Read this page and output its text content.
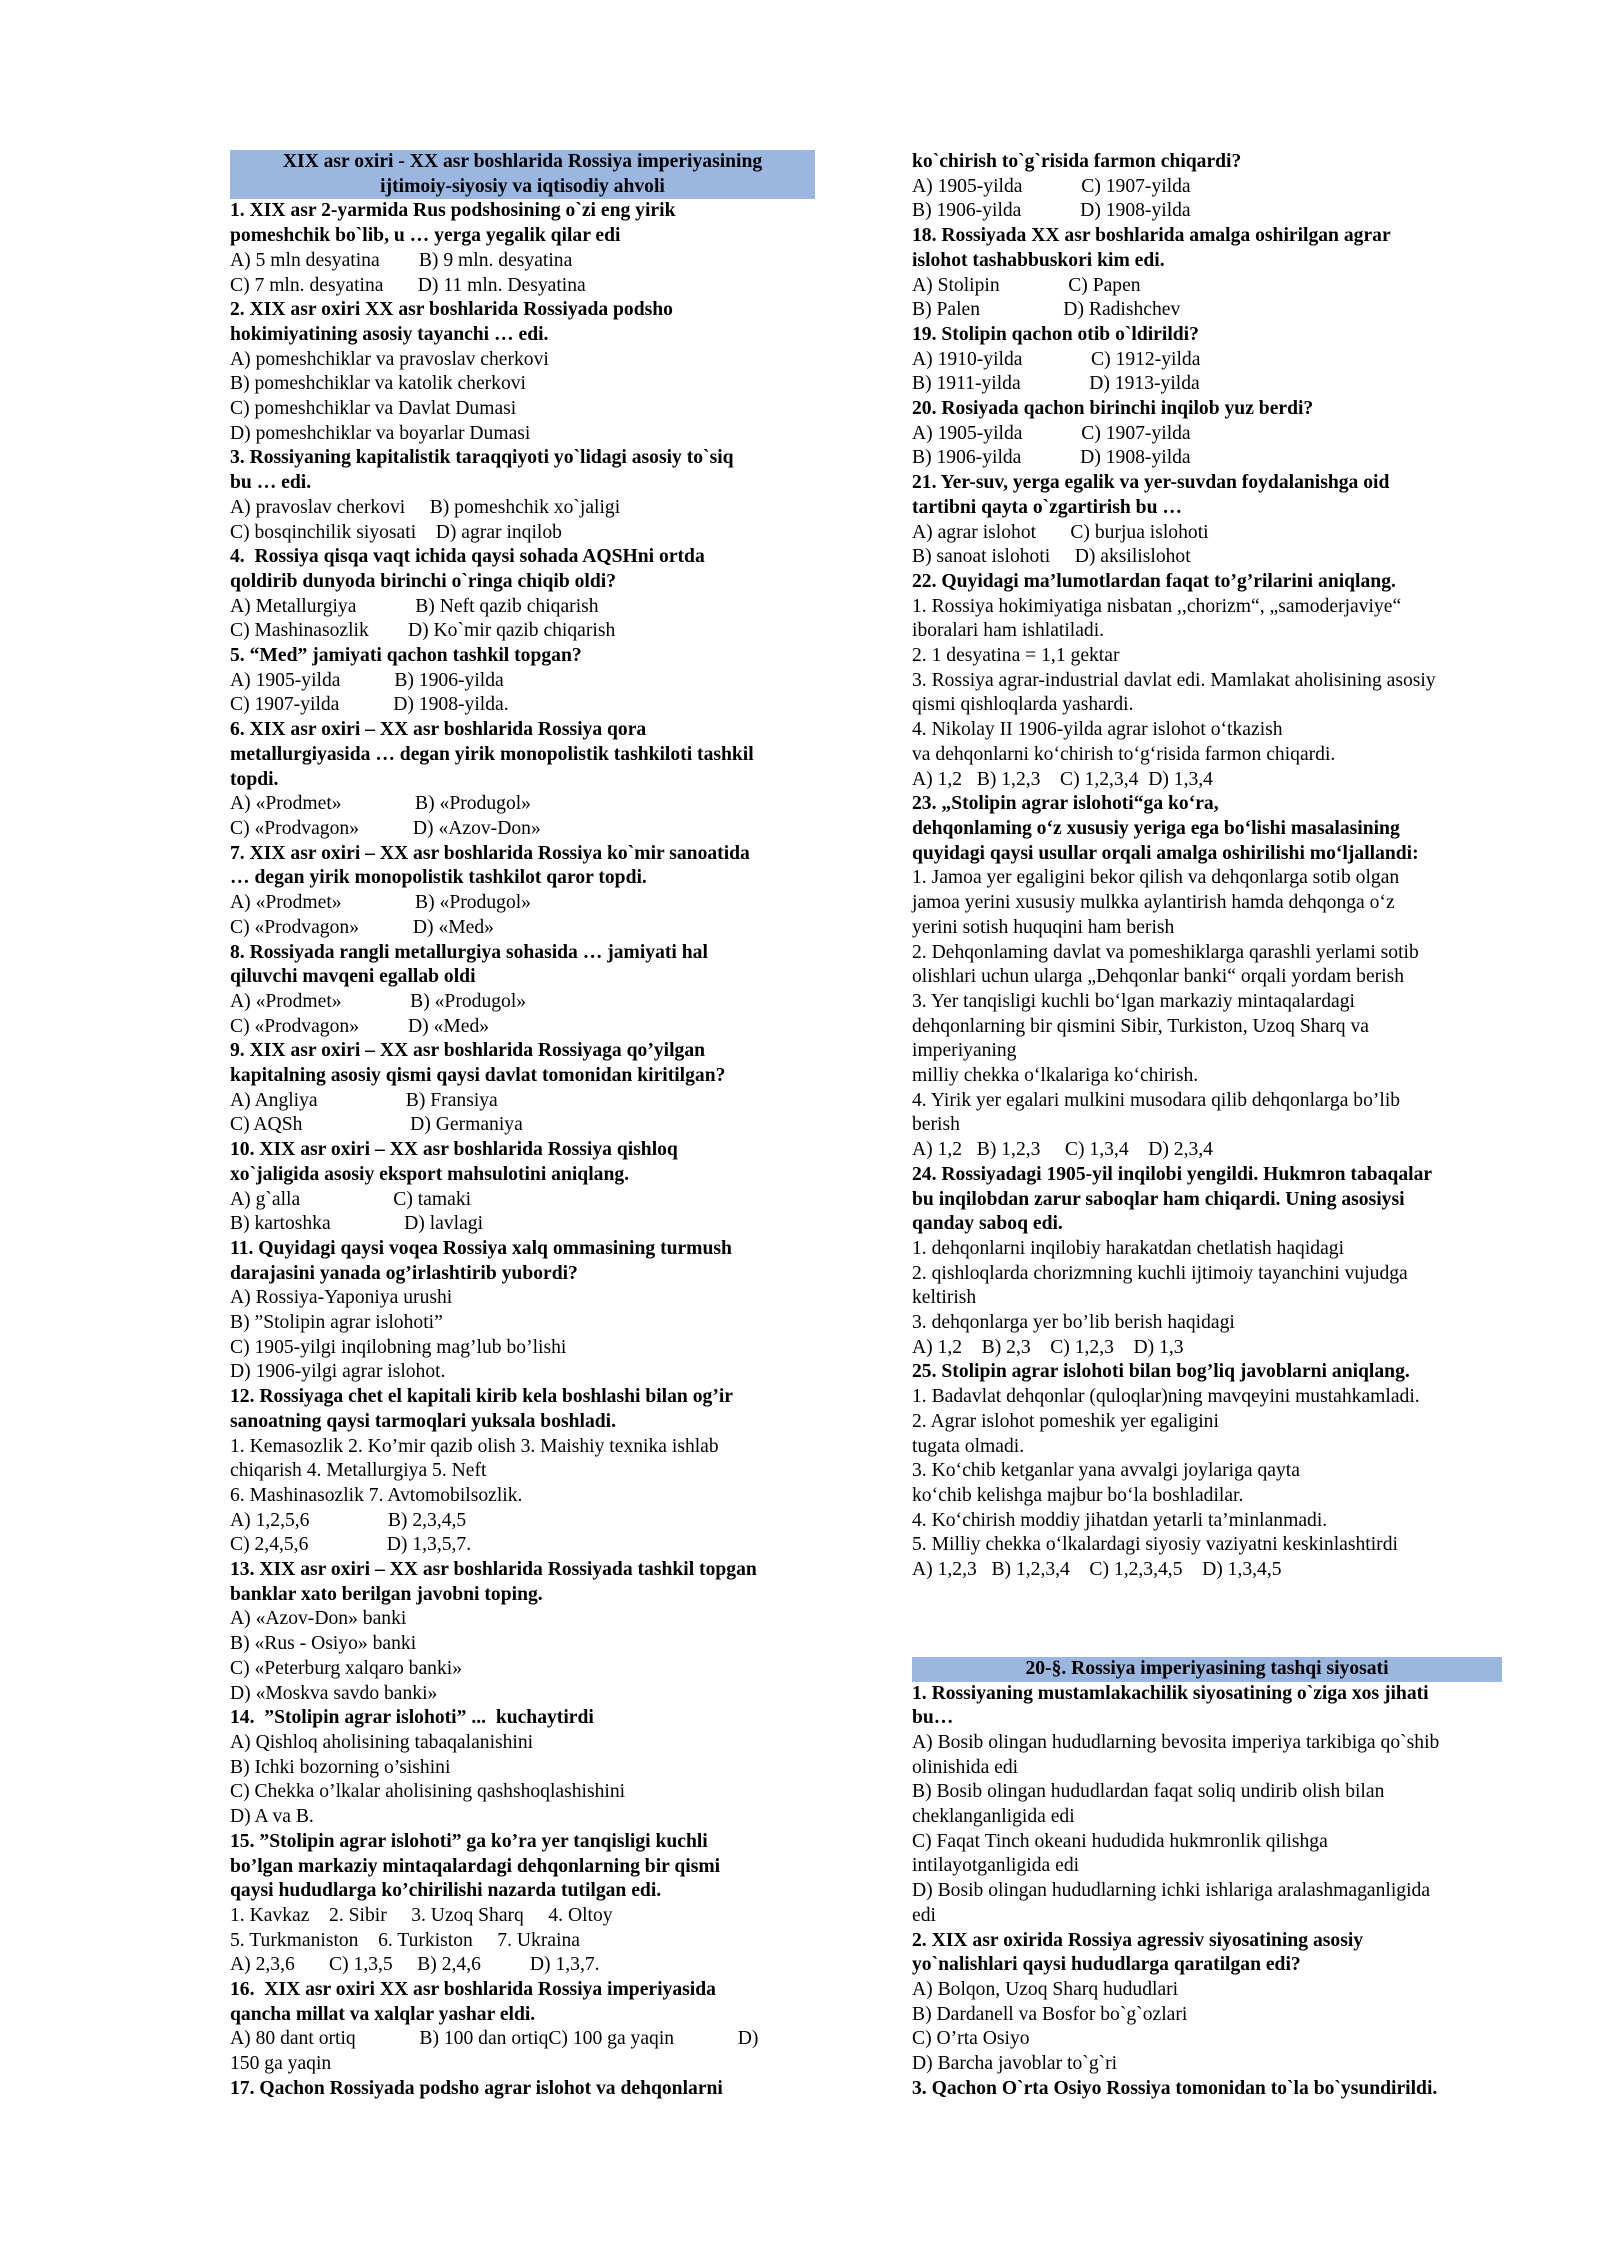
XIX asr oxiri - XX asr boshlarida Rossiya imperiyasining
ijtimoiy-siyosiy va iqtisodiy ahvoli
1. XIX asr 2-yarmida Rus podshosining o`zi eng yirik
pomeshchik bo`lib, u … yerga yegalik qilar edi
A) 5 mln desyatina        B) 9 mln. desyatina
C) 7 mln. desyatina       D) 11 mln. Desyatina
2. XIX asr oxiri XX asr boshlarida Rossiyada podsho
hokimiyatining asosiy tayanchi … edi.
A) pomeshchiklar va pravoslav cherkovi
B) pomeshchiklar va katolik cherkovi
C) pomeshchiklar va Davlat Dumasi
D) pomeshchiklar va boyarlar Dumasi
3. Rossiyaning kapitalistik taraqqiyoti yo`lidagi asosiy to`siq
bu … edi.
A) pravoslav cherkovi     B) pomeshchik xo`jaligi
C) bosqinchilik siyosati    D) agrar inqilob
4.  Rossiya qisqa vaqt ichida qaysi sohada AQSHni ortda
qoldirib dunyoda birinchi o`ringa chiqib oldi?
A) Metallurgiya            B) Neft qazib chiqarish
C) Mashinasozlik        D) Ko`mir qazib chiqarish
5. “Med” jamiyati qachon tashkil topgan?
A) 1905-yilda           B) 1906-yilda
C) 1907-yilda           D) 1908-yilda.
6. XIX asr oxiri – XX asr boshlarida Rossiya qora
metallurgiyasida … degan yirik monopolistik tashkiloti tashkil
topdi.
A) «Prodmet»               B) «Produgol»
C) «Prodvagon»           D) «Azov-Don»
7. XIX asr oxiri – XX asr boshlarida Rossiya ko`mir sanoatida
… degan yirik monopolistik tashkilot qaror topdi.
A) «Prodmet»               B) «Produgol»
C) «Prodvagon»           D) «Med»
8. Rossiyada rangli metallurgiya sohasida … jamiyati hal
qiluvchi mavqeni egallab oldi
A) «Prodmet»              B) «Produgol»
C) «Prodvagon»          D) «Med»
9. XIX asr oxiri – XX asr boshlarida Rossiyaga qo’yilgan
kapitalning asosiy qismi qaysi davlat tomonidan kiritilgan?
A) Angliya                  B) Fransiya
C) AQSh                      D) Germaniya
10. XIX asr oxiri – XX asr boshlarida Rossiya qishloq
xo`jaligida asosiy eksport mahsulotini aniqlang.
A) g`alla                   C) tamaki
B) kartoshka               D) lavlagi
11. Quyidagi qaysi voqea Rossiya xalq ommasining turmush
darajasini yanada og’irlashtirib yubordi?
A) Rossiya-Yaponiya urushi
B) ”Stolipin agrar islohoti”
C) 1905-yilgi inqilobning mag’lub bo’lishi
D) 1906-yilgi agrar islohot.
12. Rossiyaga chet el kapitali kirib kela boshlashi bilan og’ir
sanoatning qaysi tarmoqlari yuksala boshladi.
1. Kemasozlik 2. Ko’mir qazib olish 3. Maishiy texnika ishlab
chiqarish 4. Metallurgiya 5. Neft
6. Mashinasozlik 7. Avtomobilsozlik.
A) 1,2,5,6                B) 2,3,4,5
C) 2,4,5,6                D) 1,3,5,7.
13. XIX asr oxiri – XX asr boshlarida Rossiyada tashkil topgan
banklar xato berilgan javobni toping.
A) «Azov-Don» banki
B) «Rus - Osiyo» banki
C) «Peterburg xalqaro banki»
D) «Moskva savdo banki»
14.  ”Stolipin agrar islohoti” ...  kuchaytirdi
A) Qishloq aholisining tabaqalanishini
B) Ichki bozorning o’sishini
C) Chekka o’lkalar aholisining qashshoqlashishini
D) A va B.
15. ”Stolipin agrar islohoti” ga ko’ra yer tanqisligi kuchli
bo’lgan markaziy mintaqalardagi dehqonlarning bir qismi
qaysi hududlarga ko’chirilishi nazarda tutilgan edi.
1. Kavkaz    2. Sibir     3. Uzoq Sharq     4. Oltoy
5. Turkmaniston    6. Turkiston     7. Ukraina
A) 2,3,6       C) 1,3,5     B) 2,4,6          D) 1,3,7.
16.  XIX asr oxiri XX asr boshlarida Rossiya imperiyasida
qancha millat va xalqlar yashar eldi.
A) 80 dant ortiq             B) 100 dan ortiqC) 100 ga yaqin             D)
150 ga yaqin
17. Qachon Rossiyada podsho agrar islohot va dehqonlarni
ko`chirish to`g`risida farmon chiqardi?
A) 1905-yilda            C) 1907-yilda
B) 1906-yilda            D) 1908-yilda
18. Rossiyada XX asr boshlarida amalga oshirilgan agrar
islohot tashabbuskori kim edi.
A) Stolipin              C) Papen
B) Palen                 D) Radishchev
19. Stolipin qachon otib o`ldirildi?
A) 1910-yilda              C) 1912-yilda
B) 1911-yilda              D) 1913-yilda
20. Rosiyada qachon birinchi inqilob yuz berdi?
A) 1905-yilda            C) 1907-yilda
B) 1906-yilda            D) 1908-yilda
21. Yer-suv, yerga egalik va yer-suvdan foydalanishga oid
tartibni qayta o`zgartirish bu …
A) agrar islohot       C) burjua islohoti
B) sanoat islohoti     D) aksilislohot
22. Quyidagi ma’lumotlardan faqat to’g’rilarini aniqlang.
1. Rossiya hokimiyatiga nisbatan ,,chorizm“, „samoderjaviye“
iboralari ham ishlatiladi.
2. 1 desyatina = 1,1 gektar
3. Rossiya agrar-industrial davlat edi. Mamlakat aholisining asosiy
qismi qishloqlarda yashardi.
4. Nikolay II 1906-yilda agrar islohot oʻtkazish
va dehqonlarni koʻchirish toʻgʻrisida farmon chiqardi.
A) 1,2   B) 1,2,3    C) 1,2,3,4  D) 1,3,4
23. „Stolipin agrar islohoti“ga koʻra,
dehqonlaming oʻz xususiy yeriga ega boʻlishi masalasining
quyidagi qaysi usullar orqali amalga oshirilishi moʻljallandi:
1. Jamoa yer egaligini bekor qilish va dehqonlarga sotib olgan
jamoa yerini xususiy mulkka aylantirish hamda dehqonga oʻz
yerini sotish huquqini ham berish
2. Dehqonlaming davlat va pomeshiklarga qarashli yerlami sotib
olishlari uchun ularga „Dehqonlar banki“ orqali yordam berish
3. Yer tanqisligi kuchli boʻlgan markaziy mintaqalardagi
dehqonlarning bir qismini Sibir, Turkiston, Uzoq Sharq va
imperiyaning
milliy chekka oʻlkalariga koʻchirish.
4. Yirik yer egalari mulkini musodara qilib dehqonlarga bo’lib
berish
A) 1,2   B) 1,2,3     C) 1,3,4    D) 2,3,4
24. Rossiyadagi 1905-yil inqilobi yengildi. Hukmron tabaqalar
bu inqilobdan zarur saboqlar ham chiqardi. Uning asosiysi
qanday saboq edi.
1. dehqonlarni inqilobiy harakatdan chetlatish haqidagi
2. qishloqlarda chorizmning kuchli ijtimoiy tayanchini vujudga
keltirish
3. dehqonlarga yer bo’lib berish haqidagi
A) 1,2    B) 2,3    C) 1,2,3    D) 1,3
25. Stolipin agrar islohoti bilan bog’liq javoblarni aniqlang.
1. Badavlat dehqonlar (quloqlar)ning mavqeyini mustahkamladi.
2. Agrar islohot pomeshik yer egaligini
tugata olmadi.
3. Koʻchib ketganlar yana avvalgi joylariga qayta
koʻchib kelishga majbur boʻla boshladilar.
4. Koʻchirish moddiy jihatdan yetarli ta’minlanmadi.
5. Milliy chekka oʻlkalardagi siyosiy vaziyatni keskinlashtirdi
A) 1,2,3   B) 1,2,3,4    C) 1,2,3,4,5    D) 1,3,4,5
20-§. Rossiya imperiyasining tashqi siyosati
1. Rossiyaning mustamlakachilik siyosatining o`ziga xos jihati
bu…
A) Bosib olingan hududlarning bevosita imperiya tarkibiga qo`shib
olinishida edi
B) Bosib olingan hududlardan faqat soliq undirib olish bilan
cheklanganligida edi
C) Faqat Tinch okeani hududida hukmronlik qilishga
intilayotganligida edi
D) Bosib olingan hududlarning ichki ishlariga aralashmaganligida
edi
2. XIX asr oxirida Rossiya agressiv siyosatining asosiy
yo`nalishlari qaysi hududlarga qaratilgan edi?
A) Bolqon, Uzoq Sharq hududlari
B) Dardanell va Bosfor bo`g`ozlari
C) O’rta Osiyo
D) Barcha javoblar to`g`ri
3. Qachon O`rta Osiyo Rossiya tomonidan to`la bo`ysundirildi.
